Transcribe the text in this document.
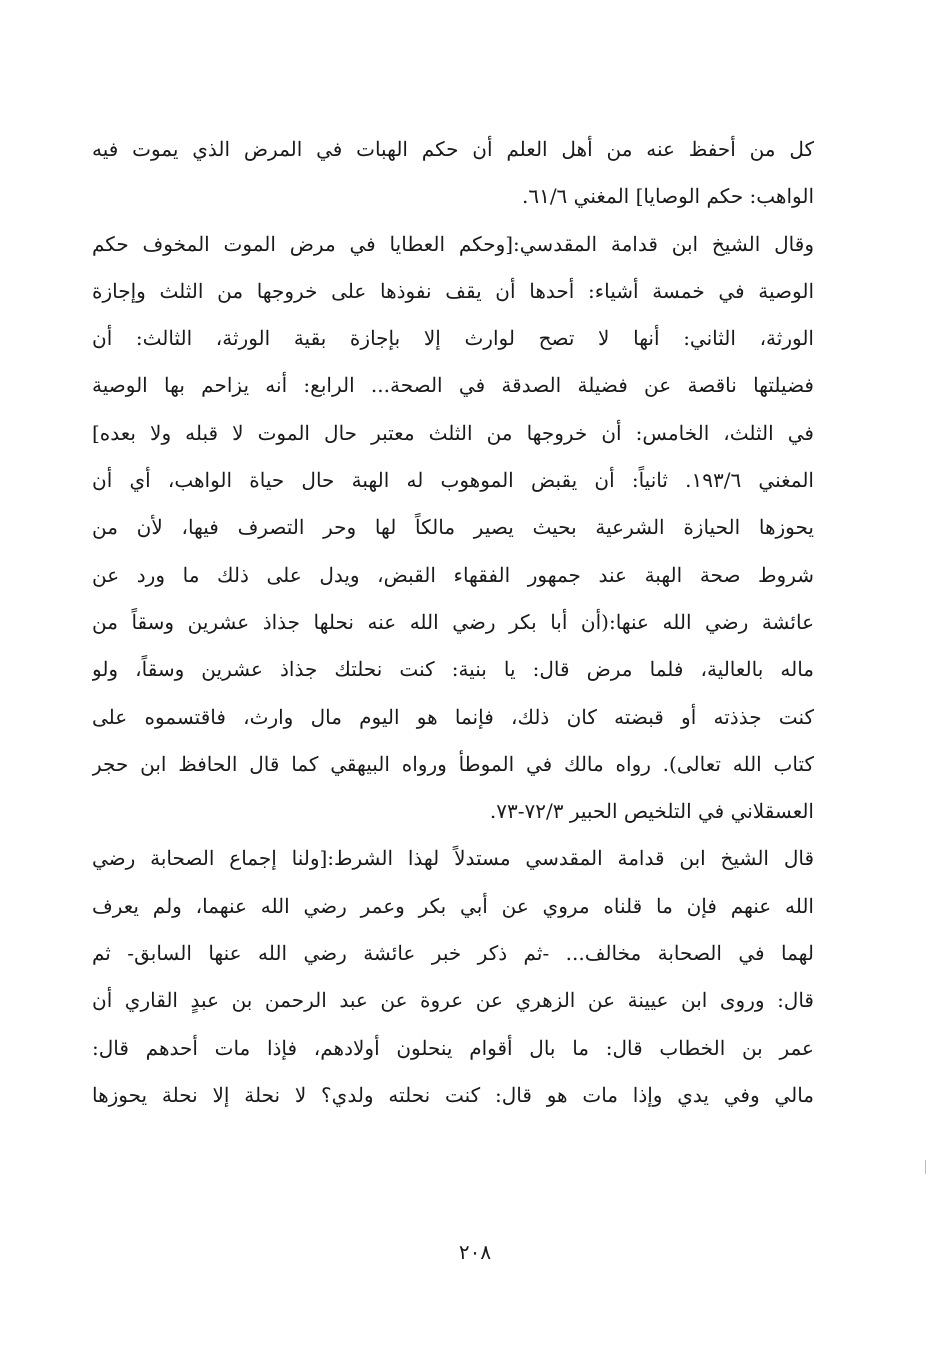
كل من أحفظ عنه من أهل العلم أن حكم الهبات في المرض الذي يموت فيه
الواهب: حكم الوصايا] المغني ٦١/٦.
وقال الشيخ ابن قدامة المقدسي:[وحكم العطايا في مرض الموت المخوف حكم
الوصية في خمسة أشياء: أحدها أن يقف نفوذها على خروجها من الثلث وإجازة
الورثة، الثاني: أنها لا تصح لوارث إلا بإجازة بقية الورثة، الثالث: أن
فضيلتها ناقصة عن فضيلة الصدقة في الصحة... الرابع: أنه يزاحم بها الوصية
في الثلث، الخامس: أن خروجها من الثلث معتبر حال الموت لا قبله ولا بعده]
المغني ١٩٣/٦. ثانياً: أن يقبض الموهوب له الهبة حال حياة الواهب، أي أن
يحوزها الحيازة الشرعية بحيث يصير مالكاً لها وحر التصرف فيها، لأن من
شروط صحة الهبة عند جمهور الفقهاء القبض، ويدل على ذلك ما ورد عن
عائشة رضي الله عنها:(أن أبا بكر رضي الله عنه نحلها جذاذ عشرين وسقاً من
ماله بالعالية، فلما مرض قال: يا بنية: كنت نحلتك جذاذ عشرين وسقاً، ولو
كنت جذذته أو قبضته كان ذلك، فإنما هو اليوم مال وارث، فاقتسموه على
كتاب الله تعالى). رواه مالك في الموطأ ورواه البيهقي كما قال الحافظ ابن حجر
العسقلاني في التلخيص الحبير ٧٢/٣-٧٣.
قال الشيخ ابن قدامة المقدسي مستدلاً لهذا الشرط:[ولنا إجماع الصحابة رضي
الله عنهم فإن ما قلناه مروي عن أبي بكر وعمر رضي الله عنهما، ولم يعرف
لهما في الصحابة مخالف... -ثم ذكر خبر عائشة رضي الله عنها السابق- ثم
قال: وروى ابن عيينة عن الزهري عن عروة عن عبد الرحمن بن عبدٍ القاري أن
عمر بن الخطاب قال: ما بال أقوام ينحلون أولادهم، فإذا مات أحدهم قال:
مالي وفي يدي وإذا مات هو قال: كنت نحلته ولدي؟ لا نحلة إلا نحلة يحوزها
٢٠٨
